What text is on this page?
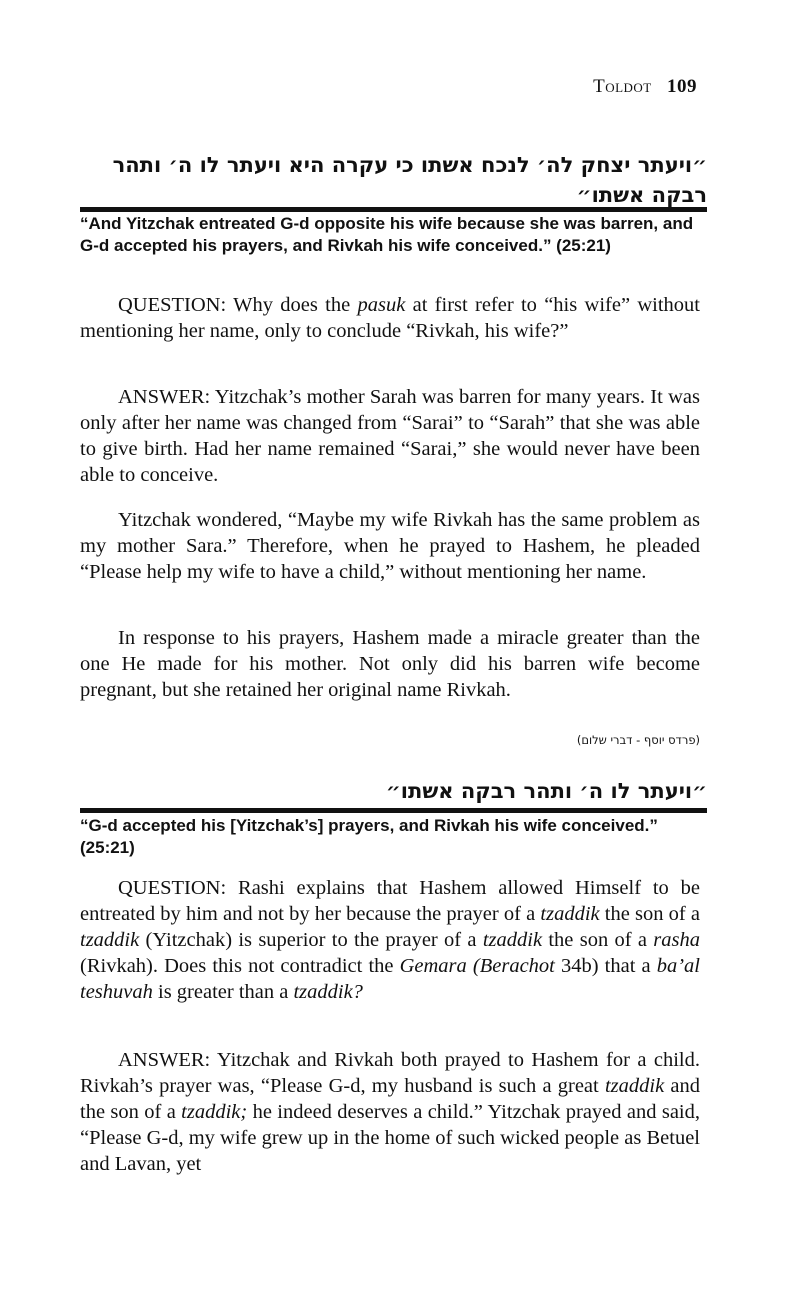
Toldot 109
״ויעתר יצחק לה׳ לנכח אשתו כי עקרה היא ויעתר לו ה׳ ותהר רבקה אשתו״
“And Yitzchak entreated G-d opposite his wife because she was barren, and G-d accepted his prayers, and Rivkah his wife conceived.” (25:21)
QUESTION: Why does the pasuk at first refer to “his wife” without mentioning her name, only to conclude “Rivkah, his wife?”
ANSWER: Yitzchak’s mother Sarah was barren for many years. It was only after her name was changed from “Sarai” to “Sarah” that she was able to give birth. Had her name remained “Sarai,” she would never have been able to conceive.
Yitzchak wondered, “Maybe my wife Rivkah has the same problem as my mother Sara.” Therefore, when he prayed to Hashem, he pleaded “Please help my wife to have a child,” without mentioning her name.
In response to his prayers, Hashem made a miracle greater than the one He made for his mother. Not only did his barren wife become pregnant, but she retained her original name Rivkah.
(פרדס יוסף - דברי שלום)
״ויעתר לו ה׳ ותהר רבקה אשתו״
“G-d accepted his [Yitzchak’s] prayers, and Rivkah his wife conceived.” (25:21)
QUESTION: Rashi explains that Hashem allowed Himself to be entreated by him and not by her because the prayer of a tzaddik the son of a tzaddik (Yitzchak) is superior to the prayer of a tzaddik the son of a rasha (Rivkah). Does this not contradict the Gemara (Berachot 34b) that a ba’al teshuvah is greater than a tzaddik?
ANSWER: Yitzchak and Rivkah both prayed to Hashem for a child. Rivkah’s prayer was, “Please G-d, my husband is such a great tzaddik and the son of a tzaddik; he indeed deserves a child.” Yitzchak prayed and said, “Please G-d, my wife grew up in the home of such wicked people as Betuel and Lavan, yet
